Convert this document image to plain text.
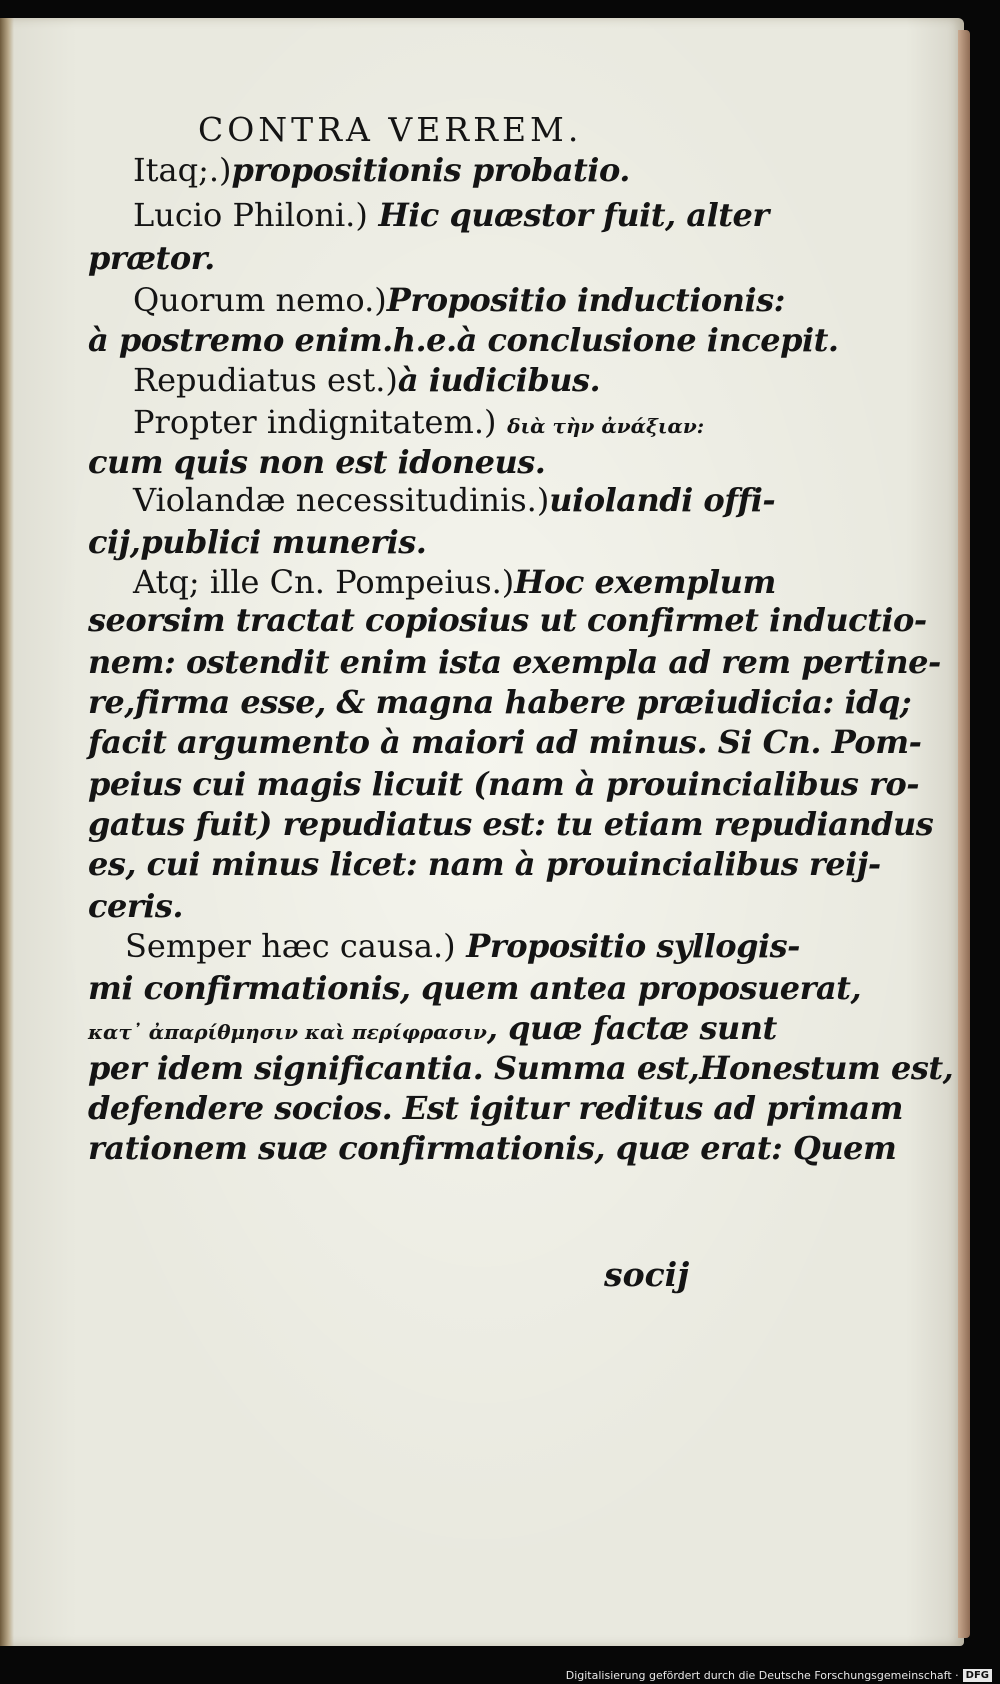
CONTRA VERREM.
Itaq;.)propositionis probatio.
Lucio Philoni.) Hic quæstor fuit, alter
prætor.
Quorum nemo.)Propositio inductionis:
à postremo enim.h.e.à conclusione incepit.
Repudiatus est.)à iudicibus.
Propter indignitatem.) διὰ τὴν ἀνάξιαν:
cum quis non est idoneus.
Violandæ necessitudinis.)uiolandi offi-
cij,publici muneris.
Atq; ille Cn. Pompeius.)Hoc exemplum
seorsim tractat copiosius ut confirmet inductio-
nem: ostendit enim ista exempla ad rem pertine-
re,firma esse, & magna habere præiudicia: idq;
facit argumento à maiori ad minus. Si Cn. Pom-
peius cui magis licuit (nam à prouincialibus ro-
gatus fuit) repudiatus est: tu etiam repudiandus
es, cui minus licet: nam à prouincialibus reij-
ceris.
Semper hæc causa.) Propositio syllogis-
mi confirmationis, quem antea proposuerat,
κατ᾽ ἀπαρίθμησιν καὶ περίφρασιν, quæ factæ sunt
per idem significantia. Summa est,Honestum est,
defendere socios. Est igitur reditus ad primam
rationem suæ confirmationis, quæ erat: Quem

socij

Digitalisierung gefördert durch die Deutsche Forschungsgemeinschaft · DFG
